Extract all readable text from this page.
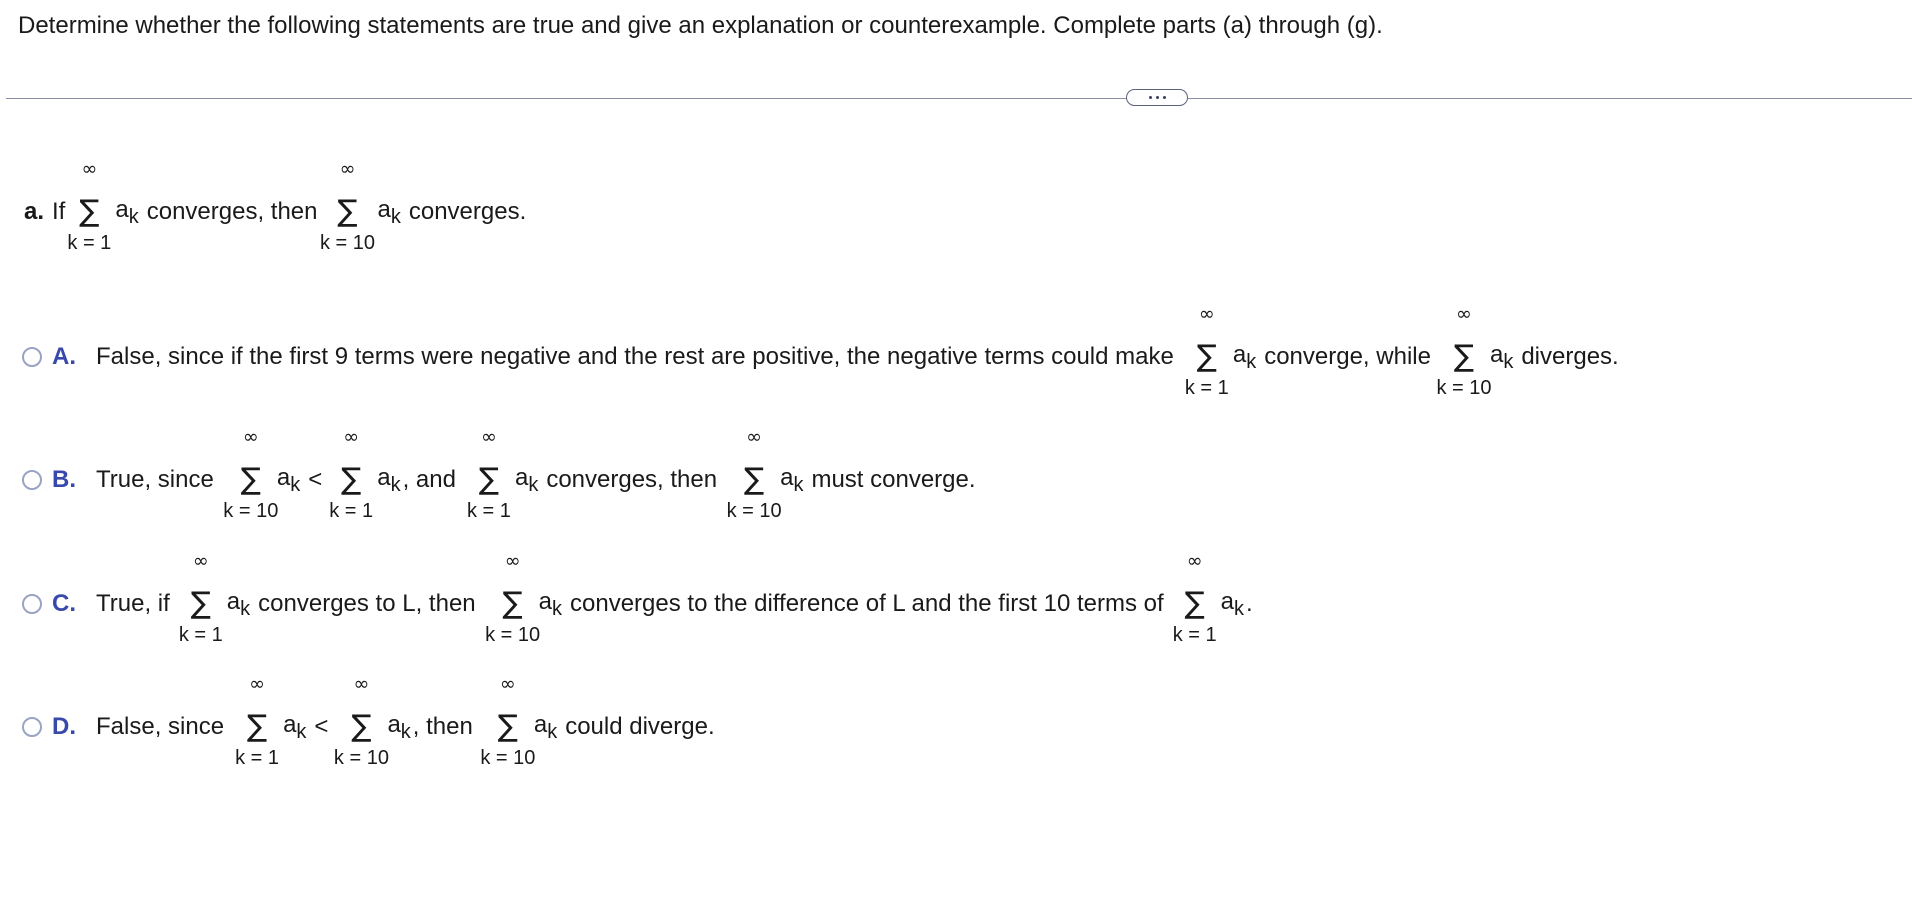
Determine whether the following statements are true and give an explanation or counterexample. Complete parts (a) through (g).
a. If
∞
∑
k = 1
$a_k$ converges, then
∞
∑
k = 10
$a_k$ converges.
A. False, since if the first 9 terms were negative and the rest are positive, the negative terms could make
∞
∑
k = 1
$a_k$ converge, while
∞
∑
k = 10
$a_k$ diverges.
B. True, since
∞
∑
k = 10
$a_k$ <
∞
∑
k = 1
$a_k$ , and
∞
∑
k = 1
$a_k$ converges, then
∞
∑
k = 10
$a_k$ must converge.
C. True, if
∞
∑
k = 1
$a_k$ converges to L, then
∞
∑
k = 10
$a_k$ converges to the difference of L and the first 10 terms of
∞
∑
k = 1
$a_k$ .
D. False, since
∞
∑
k = 1
$a_k$ <
∞
∑
k = 10
$a_k$ , then
∞
∑
k = 10
$a_k$ could diverge.
